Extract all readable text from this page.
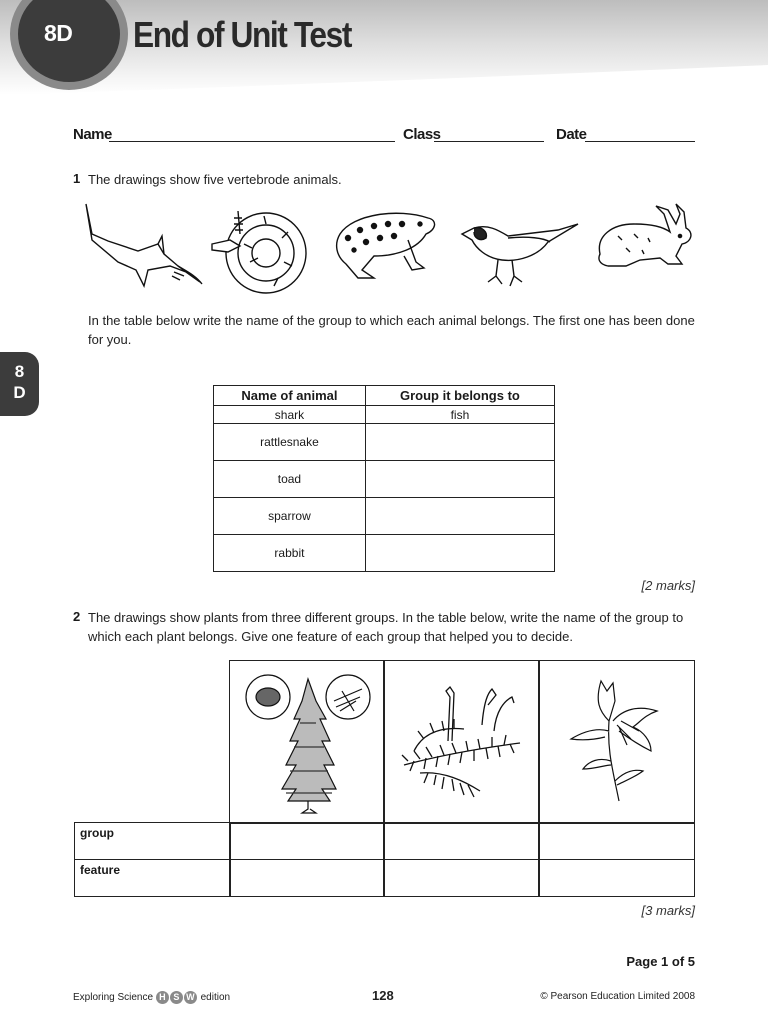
8D End of Unit Test
8
D
Name	Class	Date
1 The drawings show five vertebrode animals.
In the table below write the name of the group to which each animal belongs. The first one has been done for you.
Name of animal	Group it belongs to
shark	fish
rattlesnake	
toad	
sparrow	
rabbit	
[2 marks]
2 The drawings show plants from three different groups. In the table below, write the name of the group to which each plant belongs. Give one feature of each group that helped you to decide.
group
feature
[3 marks]
Page 1 of 5
Exploring Science H S W edition	128	© Pearson Education Limited 2008
